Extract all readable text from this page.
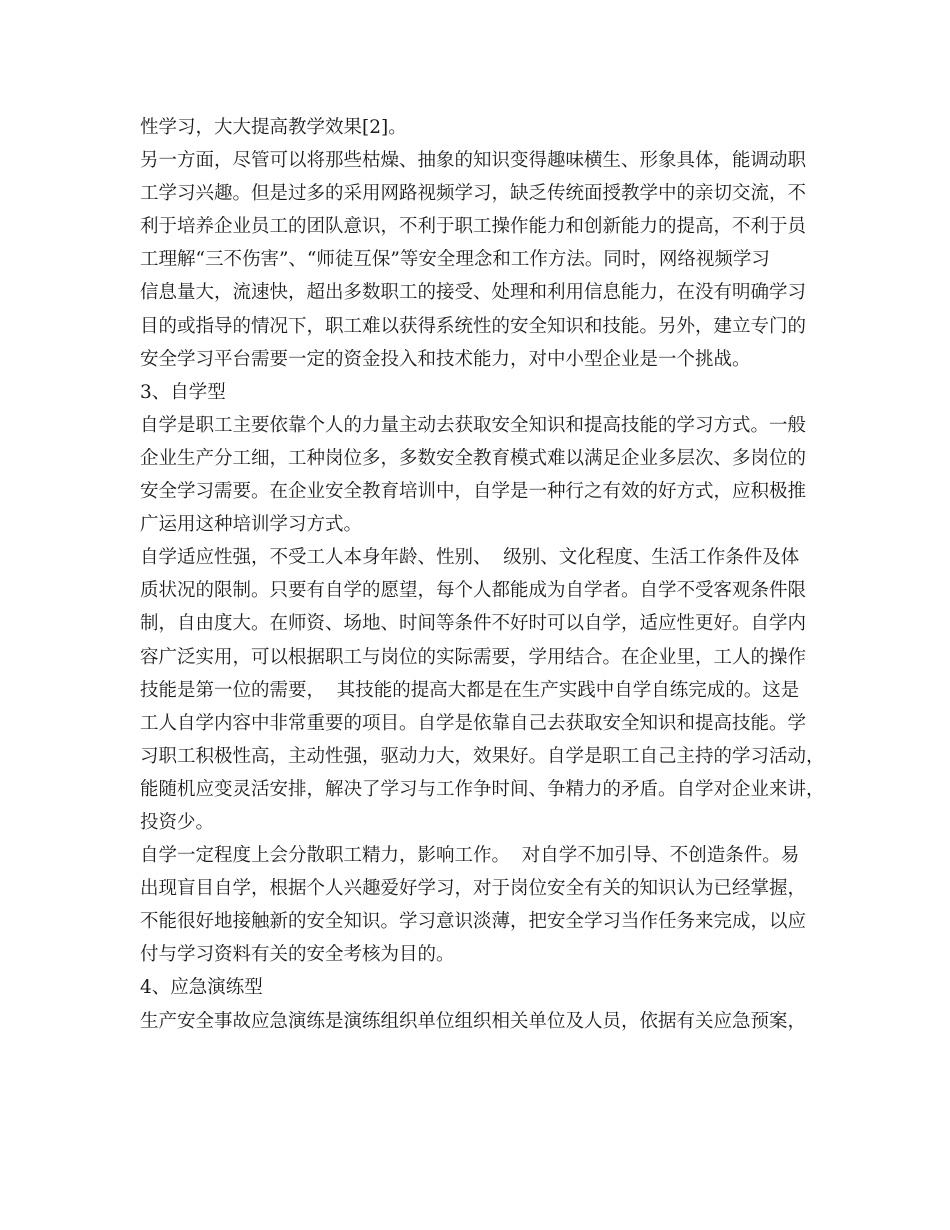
性学习，大大提高教学效果[2]。
另一方面，尽管可以将那些枯燥、抽象的知识变得趣味横生、形象具体，能调动职
工学习兴趣。但是过多的采用网路视频学习，缺乏传统面授教学中的亲切交流，不
利于培养企业员工的团队意识，不利于职工操作能力和创新能力的提高，不利于员
工理解“三不伤害”、“师徒互保”等安全理念和工作方法。同时，网络视频学习
信息量大，流速快，超出多数职工的接受、处理和利用信息能力，在没有明确学习
目的或指导的情况下，职工难以获得系统性的安全知识和技能。另外，建立专门的
安全学习平台需要一定的资金投入和技术能力，对中小型企业是一个挑战。
3、自学型
自学是职工主要依靠个人的力量主动去获取安全知识和提高技能的学习方式。一般
企业生产分工细，工种岗位多，多数安全教育模式难以满足企业多层次、多岗位的
安全学习需要。在企业安全教育培训中，自学是一种行之有效的好方式，应积极推
广运用这种培训学习方式。
自学适应性强，不受工人本身年龄、性别、  级别、文化程度、生活工作条件及体
质状况的限制。只要有自学的愿望，每个人都能成为自学者。自学不受客观条件限
制，自由度大。在师资、场地、时间等条件不好时可以自学，适应性更好。自学内
容广泛实用，可以根据职工与岗位的实际需要，学用结合。在企业里，工人的操作
技能是第一位的需要，  其技能的提高大都是在生产实践中自学自练完成的。这是
工人自学内容中非常重要的项目。自学是依靠自己去获取安全知识和提高技能。学
习职工积极性高，主动性强，驱动力大，效果好。自学是职工自己主持的学习活动，
能随机应变灵活安排，解决了学习与工作争时间、争精力的矛盾。自学对企业来讲，
投资少。
自学一定程度上会分散职工精力，影响工作。  对自学不加引导、不创造条件。易
出现盲目自学，根据个人兴趣爱好学习，对于岗位安全有关的知识认为已经掌握，
不能很好地接触新的安全知识。学习意识淡薄，把安全学习当作任务来完成，以应
付与学习资料有关的安全考核为目的。
4、应急演练型
生产安全事故应急演练是演练组织单位组织相关单位及人员，依据有关应急预案，
